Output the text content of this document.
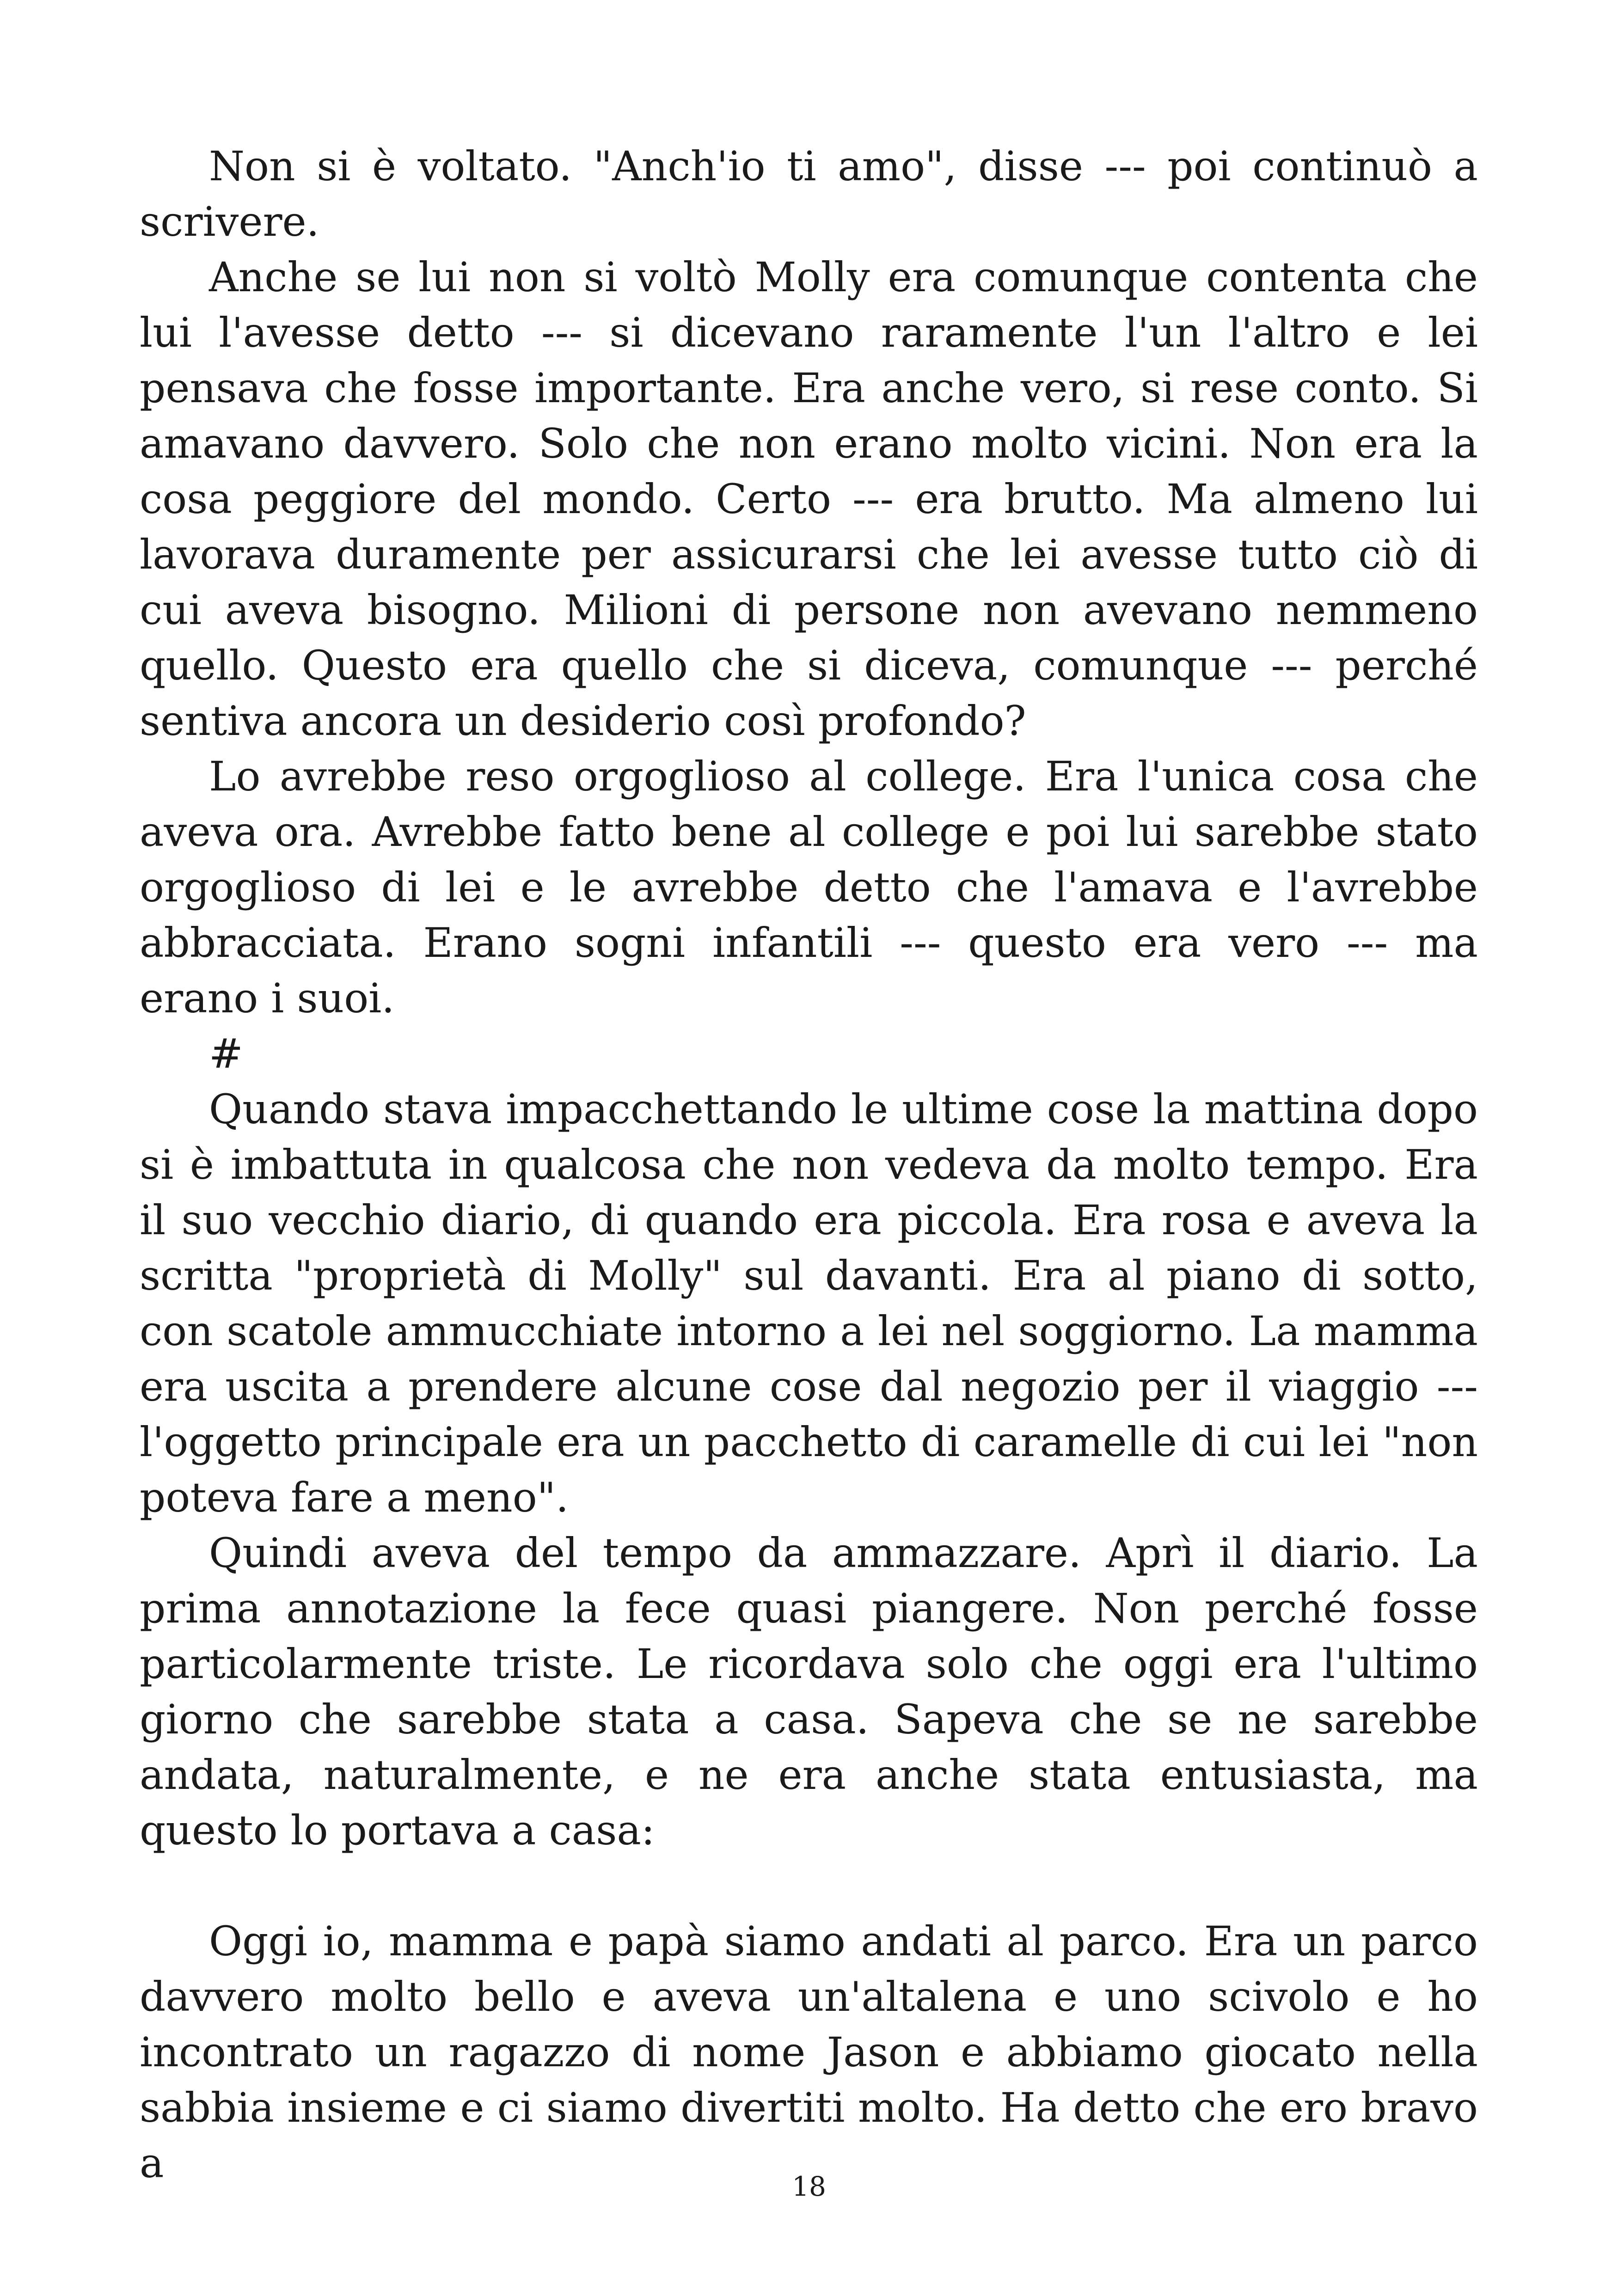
Non si è voltato. "Anch'io ti amo", disse --- poi continuò a scrivere.

Anche se lui non si voltò Molly era comunque contenta che lui l'avesse detto --- si dicevano raramente l'un l'altro e lei pensava che fosse importante. Era anche vero, si rese conto. Si amavano davvero. Solo che non erano molto vicini. Non era la cosa peggiore del mondo. Certo --- era brutto. Ma almeno lui lavorava duramente per assicurarsi che lei avesse tutto ciò di cui aveva bisogno. Milioni di persone non avevano nemmeno quello. Questo era quello che si diceva, comunque --- perché sentiva ancora un desiderio così profondo?

Lo avrebbe reso orgoglioso al college. Era l'unica cosa che aveva ora. Avrebbe fatto bene al college e poi lui sarebbe stato orgoglioso di lei e le avrebbe detto che l'amava e l'avrebbe abbracciata. Erano sogni infantili --- questo era vero --- ma erano i suoi.

#

Quando stava impacchettando le ultime cose la mattina dopo si è imbattuta in qualcosa che non vedeva da molto tempo. Era il suo vecchio diario, di quando era piccola. Era rosa e aveva la scritta "proprietà di Molly" sul davanti. Era al piano di sotto, con scatole ammucchiate intorno a lei nel soggiorno. La mamma era uscita a prendere alcune cose dal negozio per il viaggio --- l'oggetto principale era un pacchetto di caramelle di cui lei "non poteva fare a meno".

Quindi aveva del tempo da ammazzare. Aprì il diario. La prima annotazione la fece quasi piangere. Non perché fosse particolarmente triste. Le ricordava solo che oggi era l'ultimo giorno che sarebbe stata a casa. Sapeva che se ne sarebbe andata, naturalmente, e ne era anche stata entusiasta, ma questo lo portava a casa:

Oggi io, mamma e papà siamo andati al parco. Era un parco davvero molto bello e aveva un'altalena e uno scivolo e ho incontrato un ragazzo di nome Jason e abbiamo giocato nella sabbia insieme e ci siamo divertiti molto. Ha detto che ero bravo a	18
